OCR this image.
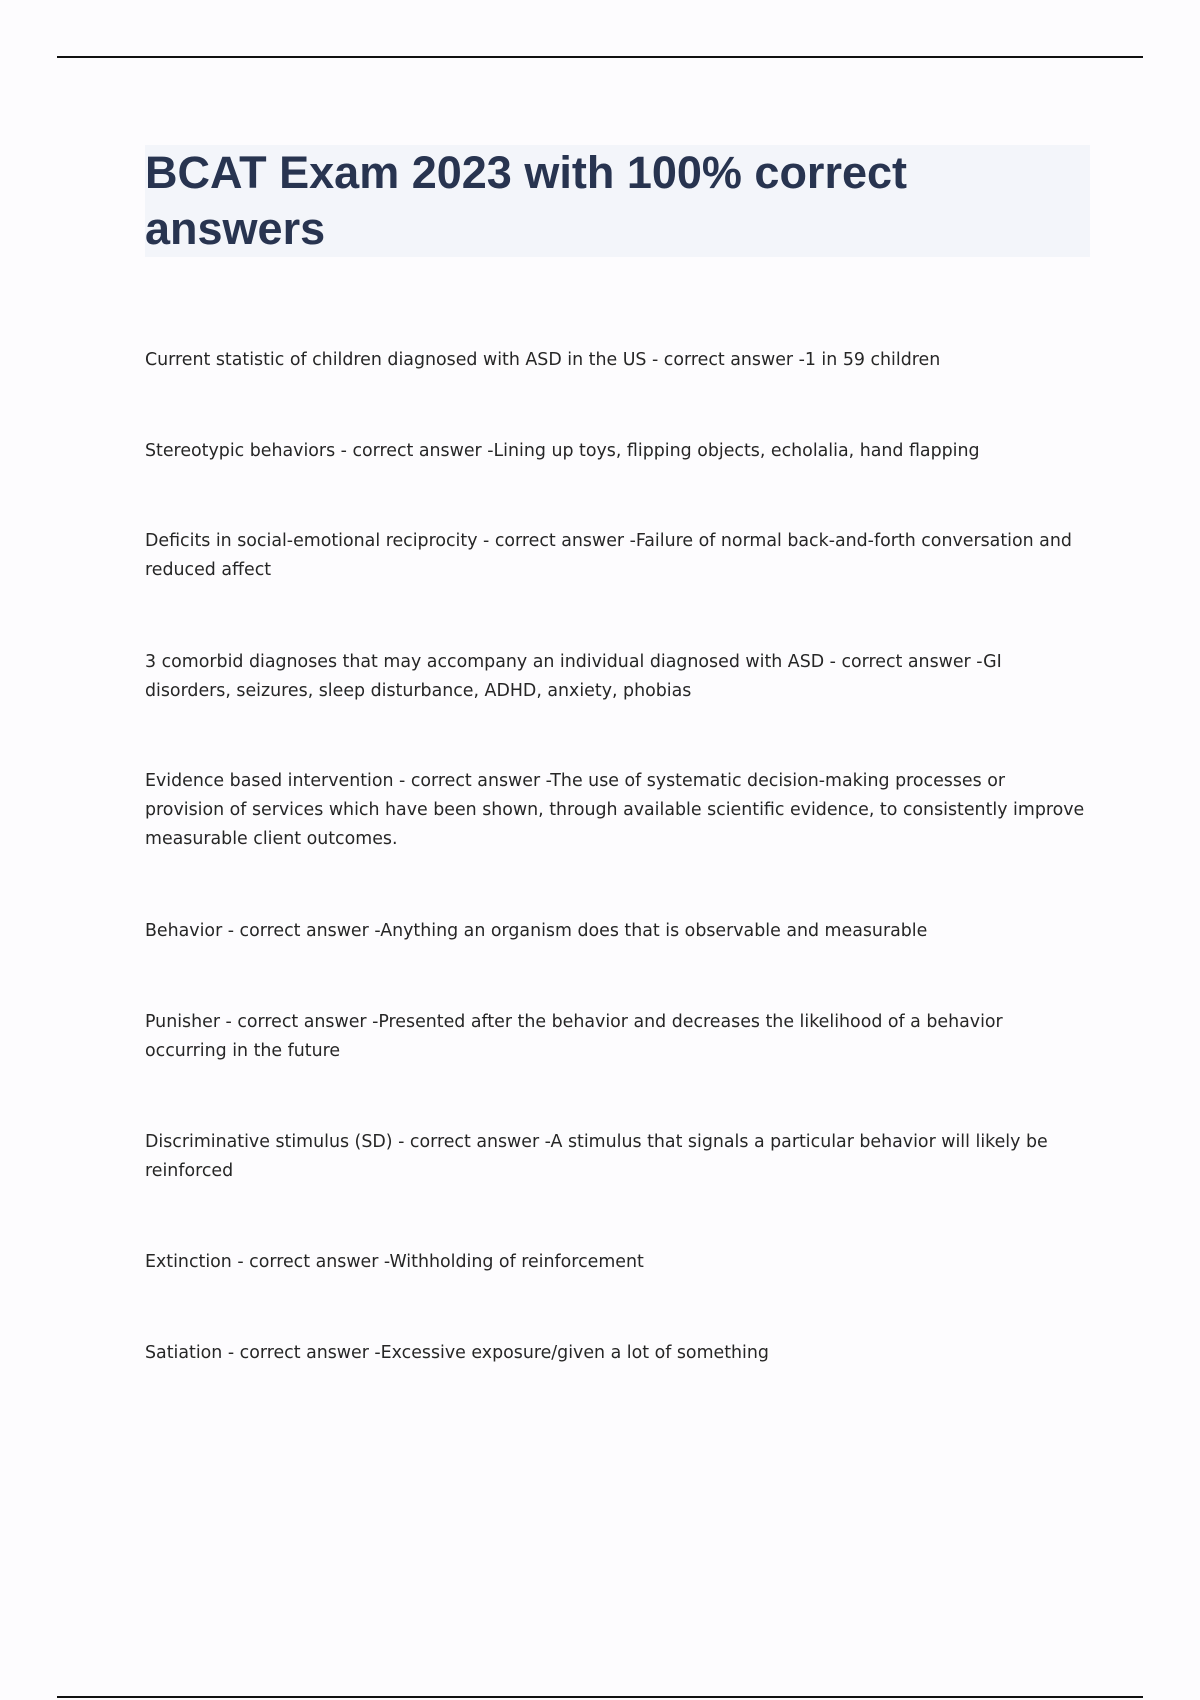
BCAT Exam 2023 with 100% correct answers

Current statistic of children diagnosed with ASD in the US - correct answer -1 in 59 children

Stereotypic behaviors - correct answer -Lining up toys, flipping objects, echolalia, hand flapping

Deficits in social-emotional reciprocity - correct answer -Failure of normal back-and-forth conversation and reduced affect

3 comorbid diagnoses that may accompany an individual diagnosed with ASD - correct answer -GI disorders, seizures, sleep disturbance, ADHD, anxiety, phobias

Evidence based intervention - correct answer -The use of systematic decision-making processes or provision of services which have been shown, through available scientific evidence, to consistently improve measurable client outcomes.

Behavior - correct answer -Anything an organism does that is observable and measurable

Punisher - correct answer -Presented after the behavior and decreases the likelihood of a behavior occurring in the future

Discriminative stimulus (SD) - correct answer -A stimulus that signals a particular behavior will likely be reinforced

Extinction - correct answer -Withholding of reinforcement

Satiation - correct answer -Excessive exposure/given a lot of something
